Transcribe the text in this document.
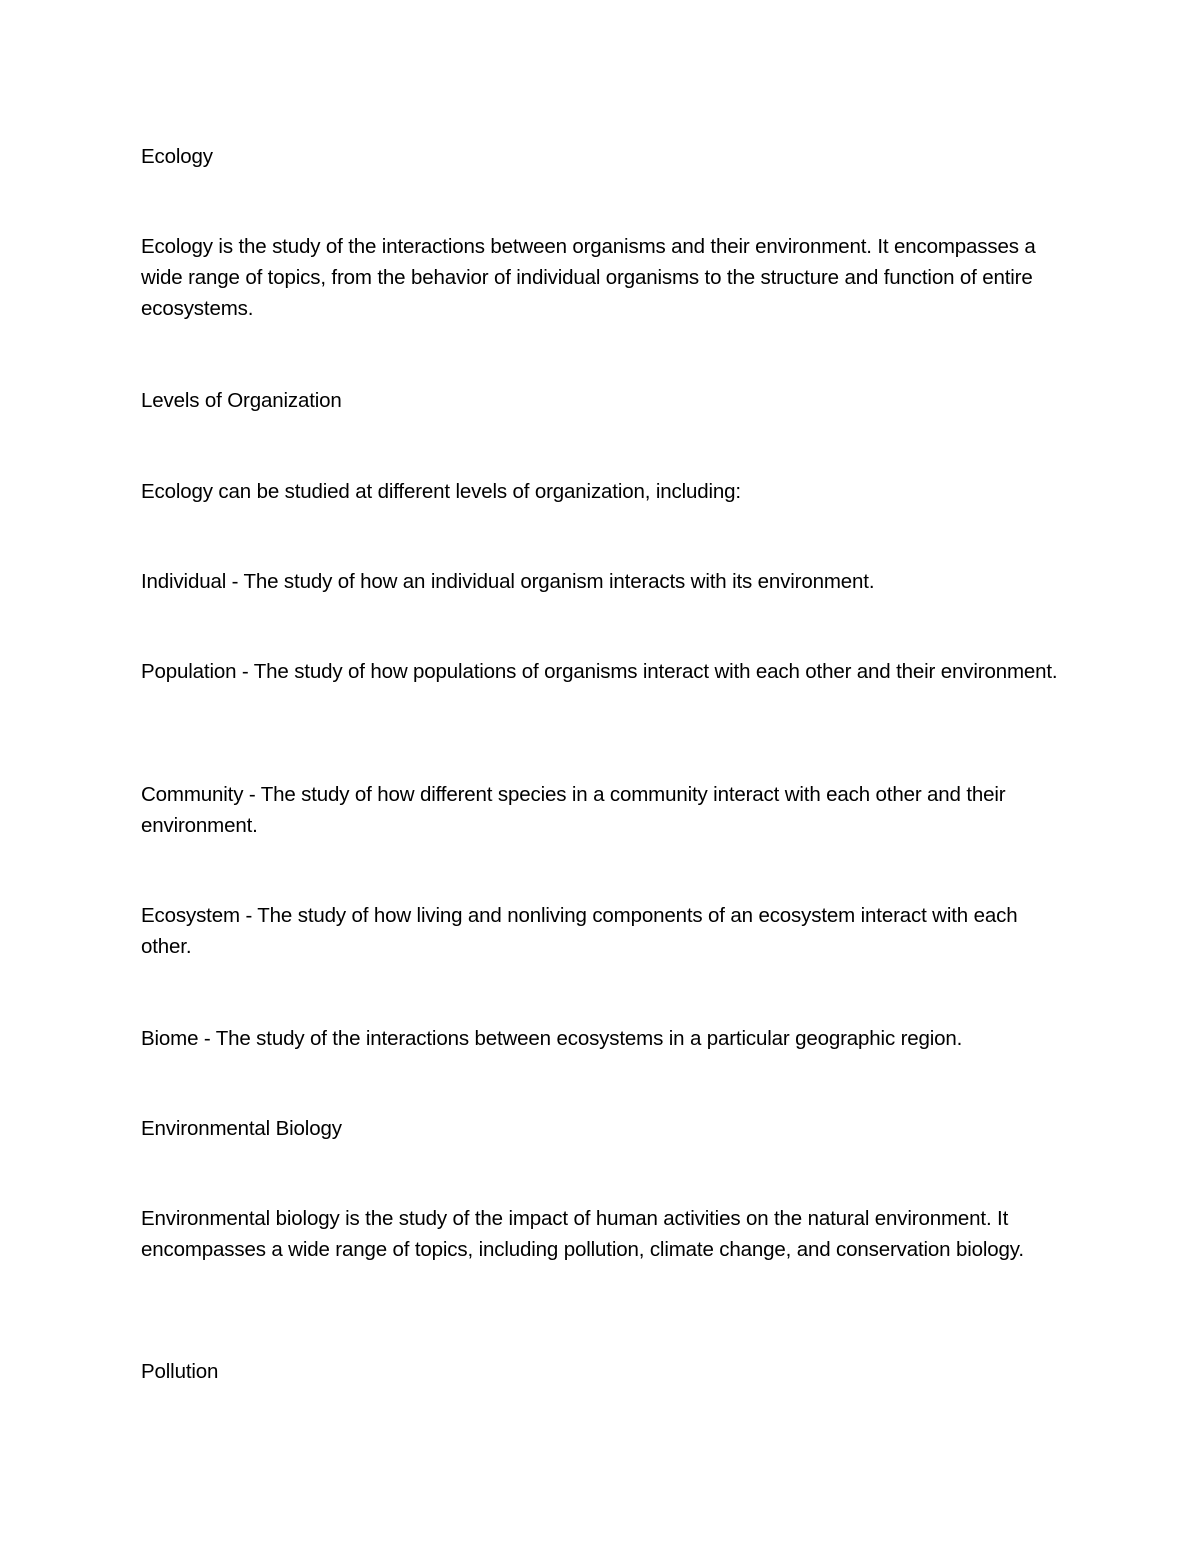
Ecology

Ecology is the study of the interactions between organisms and their environment. It encompasses a wide range of topics, from the behavior of individual organisms to the structure and function of entire ecosystems.

Levels of Organization

Ecology can be studied at different levels of organization, including:

Individual - The study of how an individual organism interacts with its environment.

Population - The study of how populations of organisms interact with each other and their environment.

Community - The study of how different species in a community interact with each other and their environment.

Ecosystem - The study of how living and nonliving components of an ecosystem interact with each other.

Biome - The study of the interactions between ecosystems in a particular geographic region.

Environmental Biology

Environmental biology is the study of the impact of human activities on the natural environment. It encompasses a wide range of topics, including pollution, climate change, and conservation biology.

Pollution
